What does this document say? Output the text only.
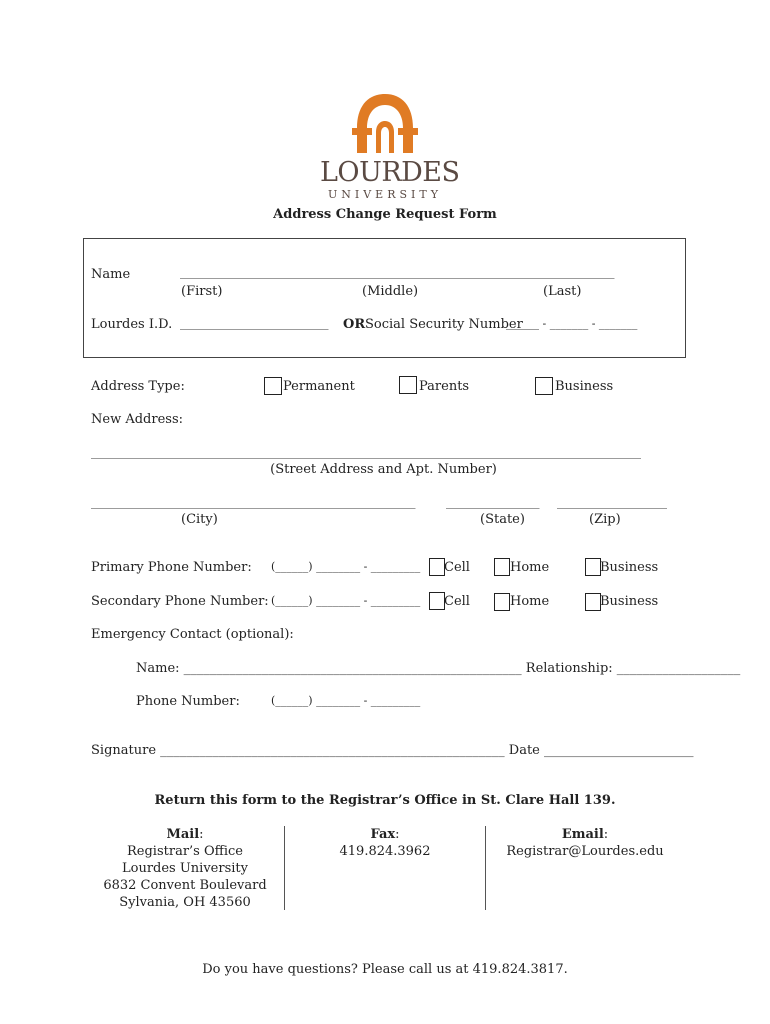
LOURDES
UNIVERSITY
Address Change Request Form
Name	_______________________________________________________________________________
(First)	(Middle)	(Last)
Lourdes I.D. ___________________________	OR Social Security Number
______ - _______ - _______
Address Type:	Permanent	Parents	Business
New Address:
____________________________________________________________________________________________________
(Street Address and Apt. Number)
___________________________________________________________	_________________	____________________
(City)	(State)	(Zip)
Primary Phone Number: (______) ________ - _________	Cell	Home	Business
Secondary Phone Number: (______) ________ - _________	Cell	Home	Business
Emergency Contact (optional):
Name: ____________________________________________________ Relationship: ___________________
Phone Number:	(______) ________ - _________
Signature _____________________________________________________ Date _______________________
Return this form to the Registrar’s Office in St. Clare Hall 139.
Mail:
Registrar’s Office
Lourdes University
6832 Convent Boulevard
Sylvania, OH 43560
Fax:
419.824.3962
Email:
Registrar@Lourdes.edu
Do you have questions? Please call us at 419.824.3817.
